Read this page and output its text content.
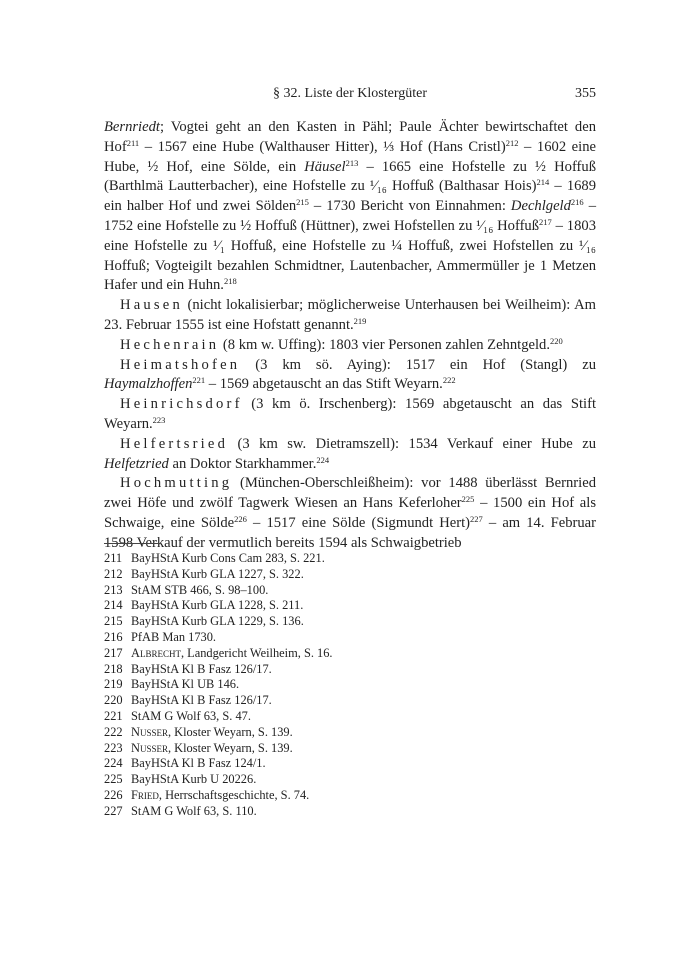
§ 32. Liste der Klostergüter	355

Bernriedt; Vogtei geht an den Kasten in Pähl; Paule Ächter bewirtschaftet den Hof$^{211}$ – 1567 eine Hube (Walthauser Hitter), ⅓ Hof (Hans Cristl)$^{212}$ – 1602 eine Hube, ½ Hof, eine Sölde, ein Häusel$^{213}$ – 1665 eine Hofstelle zu ½ Hoffuß (Barthlmä Lautterbacher), eine Hofstelle zu ¹⁄₁₆ Hoffuß (Balthasar Hois)$^{214}$ – 1689 ein halber Hof und zwei Sölden$^{215}$ – 1730 Bericht von Einnahmen: Dechlgeld$^{216}$ – 1752 eine Hofstelle zu ½ Hoffuß (Hüttner), zwei Hofstellen zu ¹⁄₁₆ Hoffuß$^{217}$ – 1803 eine Hofstelle zu ¹⁄₁ Hoffuß, eine Hofstelle zu ¼ Hoffuß, zwei Hofstellen zu ¹⁄₁₆ Hoffuß; Vogteigilt bezahlen Schmidtner, Lautenbacher, Ammermüller je 1 Metzen Hafer und ein Huhn.$^{218}$

Hausen (nicht lokalisierbar; möglicherweise Unterhausen bei Weilheim): Am 23. Februar 1555 ist eine Hofstatt genannt.$^{219}$

Hechenrain (8 km w. Uffing): 1803 vier Personen zahlen Zehntgeld.$^{220}$

Heimatshofen (3 km sö. Aying): 1517 ein Hof (Stangl) zu Haymalzhoffen$^{221}$ – 1569 abgetauscht an das Stift Weyarn.$^{222}$

Heinrichsdorf (3 km ö. Irschenberg): 1569 abgetauscht an das Stift Weyarn.$^{223}$

Helfertsried (3 km sw. Dietramszell): 1534 Verkauf einer Hube zu Helfetzried an Doktor Starkhammer.$^{224}$

Hochmutting (München-Oberschleißheim): vor 1488 überlässt Bernried zwei Höfe und zwölf Tagwerk Wiesen an Hans Keferloher$^{225}$ – 1500 ein Hof als Schwaige, eine Sölde$^{226}$ – 1517 eine Sölde (Sigmundt Hert)$^{227}$ – am 14. Februar 1598 Verkauf der vermutlich bereits 1594 als Schwaigbetrieb

211 BayHStA Kurb Cons Cam 283, S. 221.
212 BayHStA Kurb GLA 1227, S. 322.
213 StAM STB 466, S. 98–100.
214 BayHStA Kurb GLA 1228, S. 211.
215 BayHStA Kurb GLA 1229, S. 136.
216 PfAB Man 1730.
217 Albrecht, Landgericht Weilheim, S. 16.
218 BayHStA Kl B Fasz 126/17.
219 BayHStA Kl UB 146.
220 BayHStA Kl B Fasz 126/17.
221 StAM G Wolf 63, S. 47.
222 Nusser, Kloster Weyarn, S. 139.
223 Nusser, Kloster Weyarn, S. 139.
224 BayHStA Kl B Fasz 124/1.
225 BayHStA Kurb U 20226.
226 Fried, Herrschaftsgeschichte, S. 74.
227 StAM G Wolf 63, S. 110.
